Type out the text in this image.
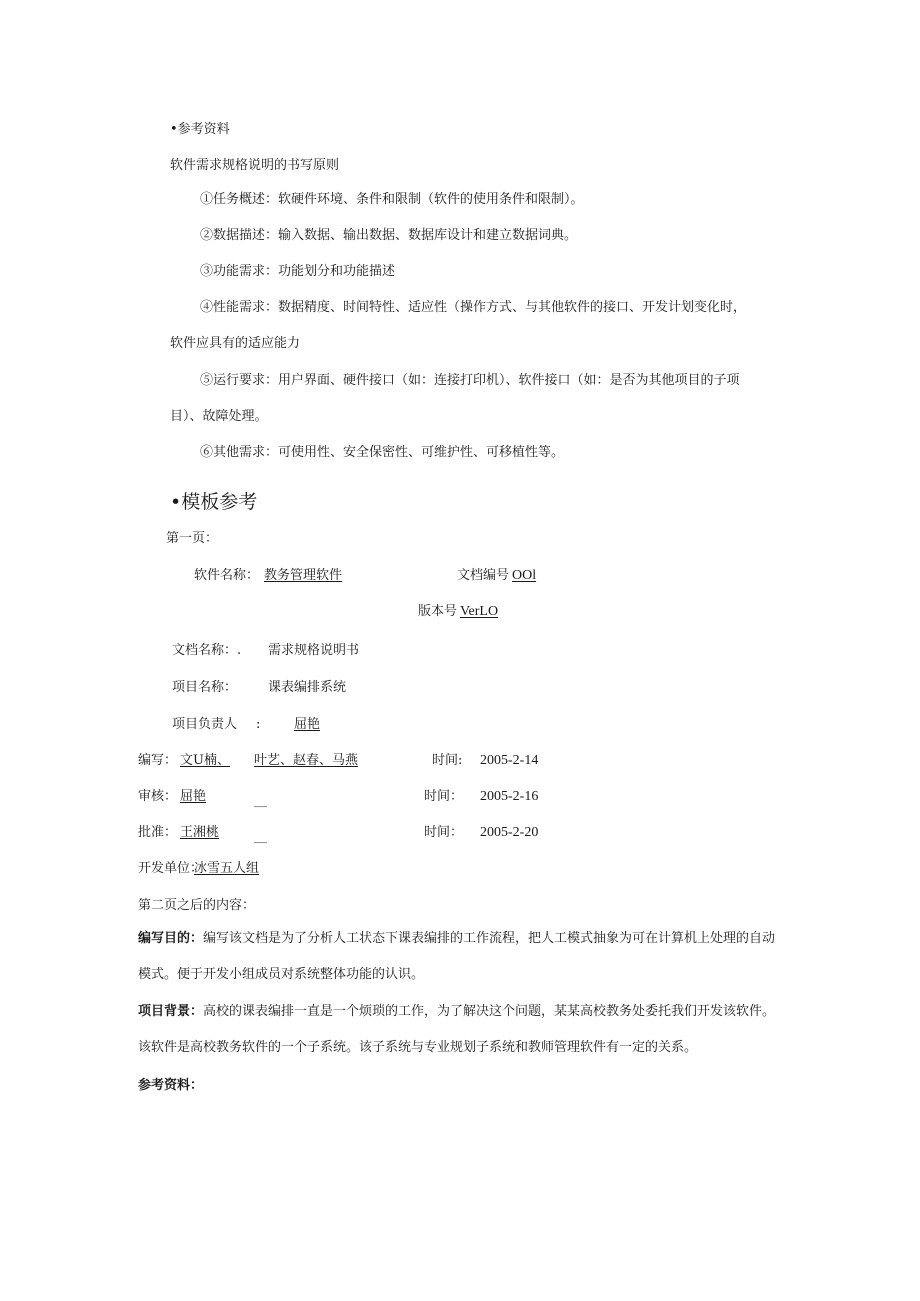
•参考资料
软件需求规格说明的书写原则
①任务概述：软硬件环境、条件和限制（软件的使用条件和限制）。
②数据描述：输入数据、输出数据、数据库设计和建立数据词典。
③功能需求：功能划分和功能描述
④性能需求：数据精度、时间特性、适应性（操作方式、与其他软件的接口、开发计划变化时，
软件应具有的适应能力
⑤运行要求：用户界面、硬件接口（如：连接打印机）、软件接口（如：是否为其他项目的子项
目）、故障处理。
⑥其他需求：可使用性、安全保密性、可维护性、可移植性等。
•模板参考
第一页：
软件名称： 教务管理软件	文档编号 OOl
版本号 VerLO
文档名称：. 需求规格说明书
项目名称： 课表编排系统
项目负责人 :	屈艳
编写： 文U楠、 叶艺、赵春、马燕	时间: 2005-2-14
审核： 屈艳	__	时间： 2005-2-16
批准： 王湘桃	__	时间： 2005-2-20
开发单位：
冰雪五人组
第二页之后的内容：
编写目的：编写该文档是为了分析人工状态下课表编排的工作流程，把人工模式抽象为可在计算机上处理的自动模式。便于开发小组成员对系统整体功能的认识。
项目背景：高校的课表编排一直是一个烦琐的工作，为了解决这个问题，某某高校教务处委托我们开发该软件。该软件是高校教务软件的一个子系统。该子系统与专业规划子系统和教师管理软件有一定的关系。
参考资料：
